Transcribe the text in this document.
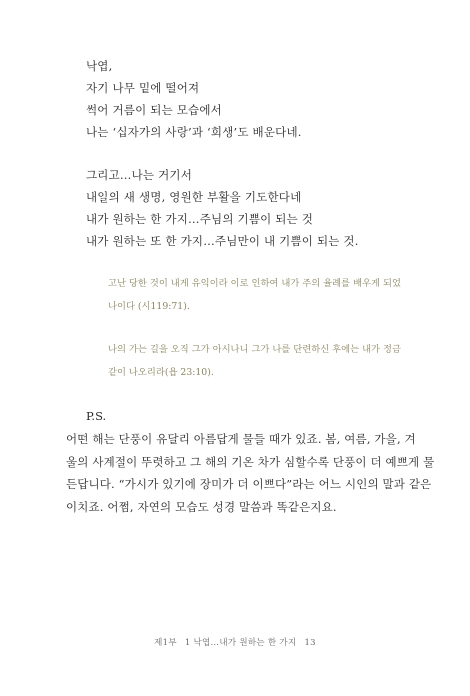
낙엽,
자기 나무 밑에 떨어져
썩어 거름이 되는 모습에서
나는 ‘십자가의 사랑’과 ‘희생’도 배운다네.
그리고…나는 거기서
내일의 새 생명, 영원한 부활을 기도한다네
내가 원하는 한 가지…주님의 기쁨이 되는 것
내가 원하는 또 한 가지…주님만이 내 기쁨이 되는 것.
고난 당한 것이 내게 유익이라 이로 인하여 내가 주의 율례를 배우게 되었
나이다 (시119:71).
나의 가는 길을 오직 그가 아시나니 그가 나를 단련하신 후에는 내가 정금
같이 나오리라(욥 23:10).
P.S.
어떤 해는 단풍이 유달리 아름답게 물들 때가 있죠. 봄, 여름, 가을, 겨
울의 사계절이 뚜렷하고 그 해의 기온 차가 심할수록 단풍이 더 예쁘게 물
든답니다. “가시가 있기에 장미가 더 이쁘다”라는 어느 시인의 말과 같은
이치죠. 어쩜, 자연의 모습도 성경 말씀과 똑같은지요.
제1부 1 낙엽…내가 원하는 한 가지 13
